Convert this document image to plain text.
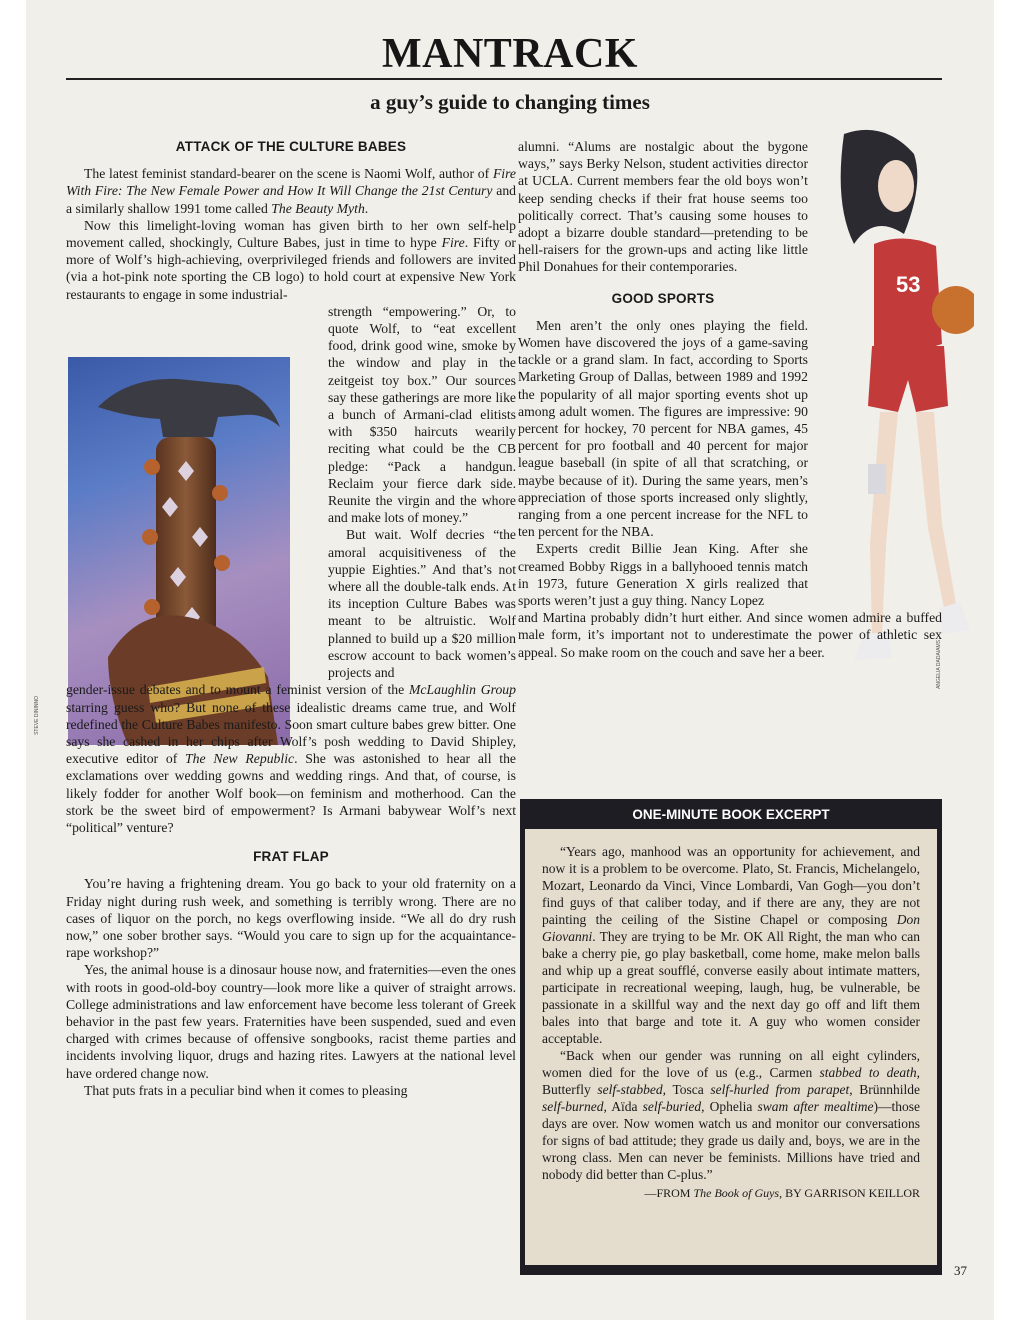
MANTRACK
a guy’s guide to changing times
STEVE DININNO
53
ANGELIA DADAIAMS
ATTACK OF THE CULTURE BABES

The latest feminist standard-bearer on the scene is Naomi Wolf, author of Fire With Fire: The New Female Power and How It Will Change the 21st Century and a similarly shallow 1991 tome called The Beauty Myth.

Now this limelight-loving woman has given birth to her own self-help movement called, shockingly, Culture Babes, just in time to hype Fire. Fifty or more of Wolf’s high-achieving, overprivileged friends and followers are invited (via a hot-pink note sporting the CB logo) to hold court at expensive New York restaurants to engage in some industrial-

strength “empowering.” Or, to quote Wolf, to “eat excellent food, drink good wine, smoke by the window and play in the zeitgeist toy box.” Our sources say these gatherings are more like a bunch of Armani-clad elitists with $350 haircuts wearily reciting what could be the CB pledge: “Pack a handgun. Reclaim your fierce dark side. Reunite the virgin and the whore and make lots of money.”

But wait. Wolf decries “the amoral acquisitiveness of the yuppie Eighties.” And that’s not where all the double-talk ends. At its inception Culture Babes was meant to be altruistic. Wolf planned to build up a $20 million escrow account to back women’s projects and

gender-issue debates and to mount a feminist version of the McLaughlin Group starring guess who? But none of these idealistic dreams came true, and Wolf redefined the Culture Babes manifesto. Soon smart culture babes grew bitter. One says she cashed in her chips after Wolf’s posh wedding to David Shipley, executive editor of The New Republic. She was astonished to hear all the exclamations over wedding gowns and wedding rings. And that, of course, is likely fodder for another Wolf book—on feminism and motherhood. Can the stork be the sweet bird of empowerment? Is Armani babywear Wolf’s next “political” venture?

FRAT FLAP

You’re having a frightening dream. You go back to your old fraternity on a Friday night during rush week, and something is terribly wrong. There are no cases of liquor on the porch, no kegs overflowing inside. “We all do dry rush now,” one sober brother says. “Would you care to sign up for the acquaintance-rape workshop?”

Yes, the animal house is a dinosaur house now, and fraternities—even the ones with roots in good-old-boy country—look more like a quiver of straight arrows. College administrations and law enforcement have become less tolerant of Greek behavior in the past few years. Fraternities have been suspended, sued and even charged with crimes because of offensive songbooks, racist theme parties and incidents involving liquor, drugs and hazing rites. Lawyers at the national level have ordered change now.

That puts frats in a peculiar bind when it comes to pleasing

alumni. “Alums are nostalgic about the bygone ways,” says Berky Nelson, student activities director at UCLA. Current members fear the old boys won’t keep sending checks if their frat house seems too politically correct. That’s causing some houses to adopt a bizarre double standard—pretending to be hell-raisers for the grown-ups and acting like little Phil Donahues for their contemporaries.

GOOD SPORTS

Men aren’t the only ones playing the field. Women have discovered the joys of a game-saving tackle or a grand slam. In fact, according to Sports Marketing Group of Dallas, between 1989 and 1992 the popularity of all major sporting events shot up among adult women. The figures are impressive: 90 percent for hockey, 70 percent for NBA games, 45 percent for pro football and 40 percent for major league baseball (in spite of all that scratching, or maybe because of it). During the same years, men’s appreciation of those sports increased only slightly, ranging from a one percent increase for the NFL to ten percent for the NBA.

Experts credit Billie Jean King. After she creamed Bobby Riggs in a ballyhooed tennis match in 1973, future Generation X girls realized that sports weren’t just a guy thing. Nancy Lopez

and Martina probably didn’t hurt either. And since women admire a buffed male form, it’s important not to underestimate the power of athletic sex appeal. So make room on the couch and save her a beer.

ONE-MINUTE BOOK EXCERPT

“Years ago, manhood was an opportunity for achievement, and now it is a problem to be overcome. Plato, St. Francis, Michelangelo, Mozart, Leonardo da Vinci, Vince Lombardi, Van Gogh—you don’t find guys of that caliber today, and if there are any, they are not painting the ceiling of the Sistine Chapel or composing Don Giovanni. They are trying to be Mr. OK All Right, the man who can bake a cherry pie, go play basketball, come home, make melon balls and whip up a great soufflé, converse easily about intimate matters, participate in recreational weeping, laugh, hug, be vulnerable, be passionate in a skillful way and the next day go off and lift them bales into that barge and tote it. A guy who women consider acceptable.

“Back when our gender was running on all eight cylinders, women died for the love of us (e.g., Carmen stabbed to death, Butterfly self-stabbed, Tosca self-hurled from parapet, Brünnhilde self-burned, Aïda self-buried, Ophelia swam after mealtime)—those days are over. Now women watch us and monitor our conversations for signs of bad attitude; they grade us daily and, boys, we are in the wrong class. Men can never be feminists. Millions have tried and nobody did better than C-plus.”

—FROM The Book of Guys, BY GARRISON KEILLOR
37
